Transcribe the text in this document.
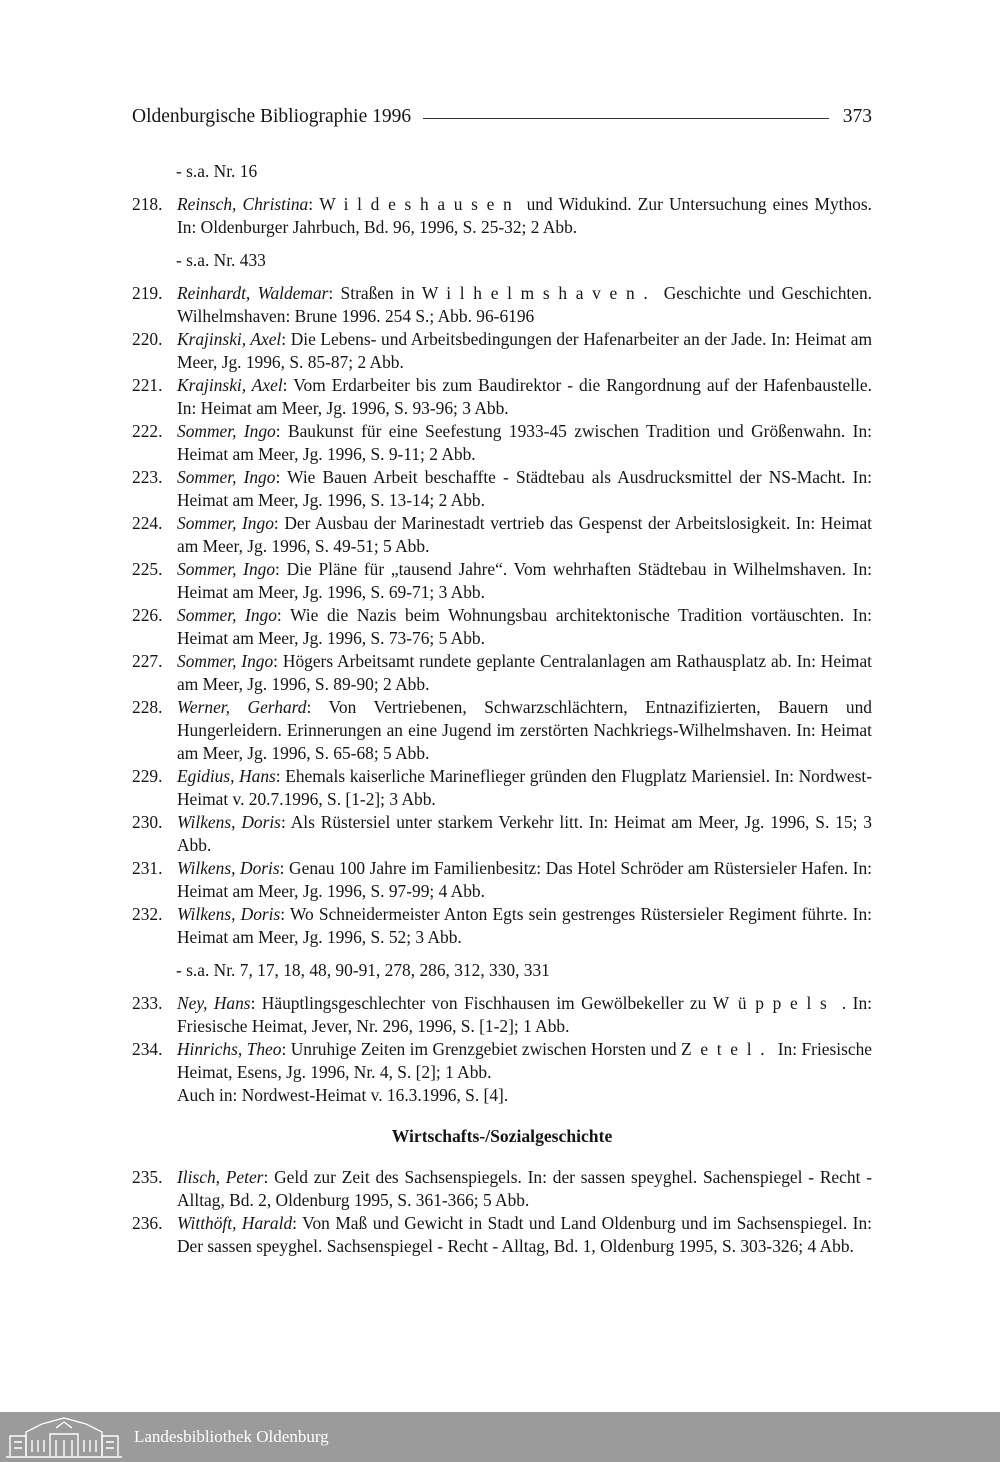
Oldenburgische Bibliographie 1996	373

- s.a. Nr. 16

218. Reinsch, Christina: Wildeshausen und Widukind. Zur Untersuchung eines Mythos. In: Oldenburger Jahrbuch, Bd. 96, 1996, S. 25-32; 2 Abb.

- s.a. Nr. 433

219. Reinhardt, Waldemar: Straßen in Wilhelmshaven. Geschichte und Geschichten. Wilhelmshaven: Brune 1996. 254 S.; Abb. 96-6196
220. Krajinski, Axel: Die Lebens- und Arbeitsbedingungen der Hafenarbeiter an der Jade. In: Heimat am Meer, Jg. 1996, S. 85-87; 2 Abb.
221. Krajinski, Axel: Vom Erdarbeiter bis zum Baudirektor - die Rangordnung auf der Hafenbaustelle. In: Heimat am Meer, Jg. 1996, S. 93-96; 3 Abb.
222. Sommer, Ingo: Baukunst für eine Seefestung 1933-45 zwischen Tradition und Größenwahn. In: Heimat am Meer, Jg. 1996, S. 9-11; 2 Abb.
223. Sommer, Ingo: Wie Bauen Arbeit beschaffte - Städtebau als Ausdrucksmittel der NS-Macht. In: Heimat am Meer, Jg. 1996, S. 13-14; 2 Abb.
224. Sommer, Ingo: Der Ausbau der Marinestadt vertrieb das Gespenst der Arbeitslosigkeit. In: Heimat am Meer, Jg. 1996, S. 49-51; 5 Abb.
225. Sommer, Ingo: Die Pläne für „tausend Jahre“. Vom wehrhaften Städtebau in Wilhelmshaven. In: Heimat am Meer, Jg. 1996, S. 69-71; 3 Abb.
226. Sommer, Ingo: Wie die Nazis beim Wohnungsbau architektonische Tradition vortäuschten. In: Heimat am Meer, Jg. 1996, S. 73-76; 5 Abb.
227. Sommer, Ingo: Högers Arbeitsamt rundete geplante Centralanlagen am Rathausplatz ab. In: Heimat am Meer, Jg. 1996, S. 89-90; 2 Abb.
228. Werner, Gerhard: Von Vertriebenen, Schwarzschlächtern, Entnazifizierten, Bauern und Hungerleidern. Erinnerungen an eine Jugend im zerstörten Nachkriegs-Wilhelmshaven. In: Heimat am Meer, Jg. 1996, S. 65-68; 5 Abb.
229. Egidius, Hans: Ehemals kaiserliche Marineflieger gründen den Flugplatz Mariensiel. In: Nordwest-Heimat v. 20.7.1996, S. [1-2]; 3 Abb.
230. Wilkens, Doris: Als Rüstersiel unter starkem Verkehr litt. In: Heimat am Meer, Jg. 1996, S. 15; 3 Abb.
231. Wilkens, Doris: Genau 100 Jahre im Familienbesitz: Das Hotel Schröder am Rüstersieler Hafen. In: Heimat am Meer, Jg. 1996, S. 97-99; 4 Abb.
232. Wilkens, Doris: Wo Schneidermeister Anton Egts sein gestrenges Rüstersieler Regiment führte. In: Heimat am Meer, Jg. 1996, S. 52; 3 Abb.

- s.a. Nr. 7, 17, 18, 48, 90-91, 278, 286, 312, 330, 331

233. Ney, Hans: Häuptlingsgeschlechter von Fischhausen im Gewölbekeller zu Wüppels . In: Friesische Heimat, Jever, Nr. 296, 1996, S. [1-2]; 1 Abb.
234. Hinrichs, Theo: Unruhige Zeiten im Grenzgebiet zwischen Horsten und Zetel. In: Friesische Heimat, Esens, Jg. 1996, Nr. 4, S. [2]; 1 Abb.
Auch in: Nordwest-Heimat v. 16.3.1996, S. [4].
Wirtschafts-/Sozialgeschichte
235. Ilisch, Peter: Geld zur Zeit des Sachsenspiegels. In: der sassen speyghel. Sachenspiegel - Recht - Alltag, Bd. 2, Oldenburg 1995, S. 361-366; 5 Abb.
236. Witthöft, Harald: Von Maß und Gewicht in Stadt und Land Oldenburg und im Sachsenspiegel. In: Der sassen speyghel. Sachsenspiegel - Recht - Alltag, Bd. 1, Oldenburg 1995, S. 303-326; 4 Abb.
Landesbibliothek Oldenburg
